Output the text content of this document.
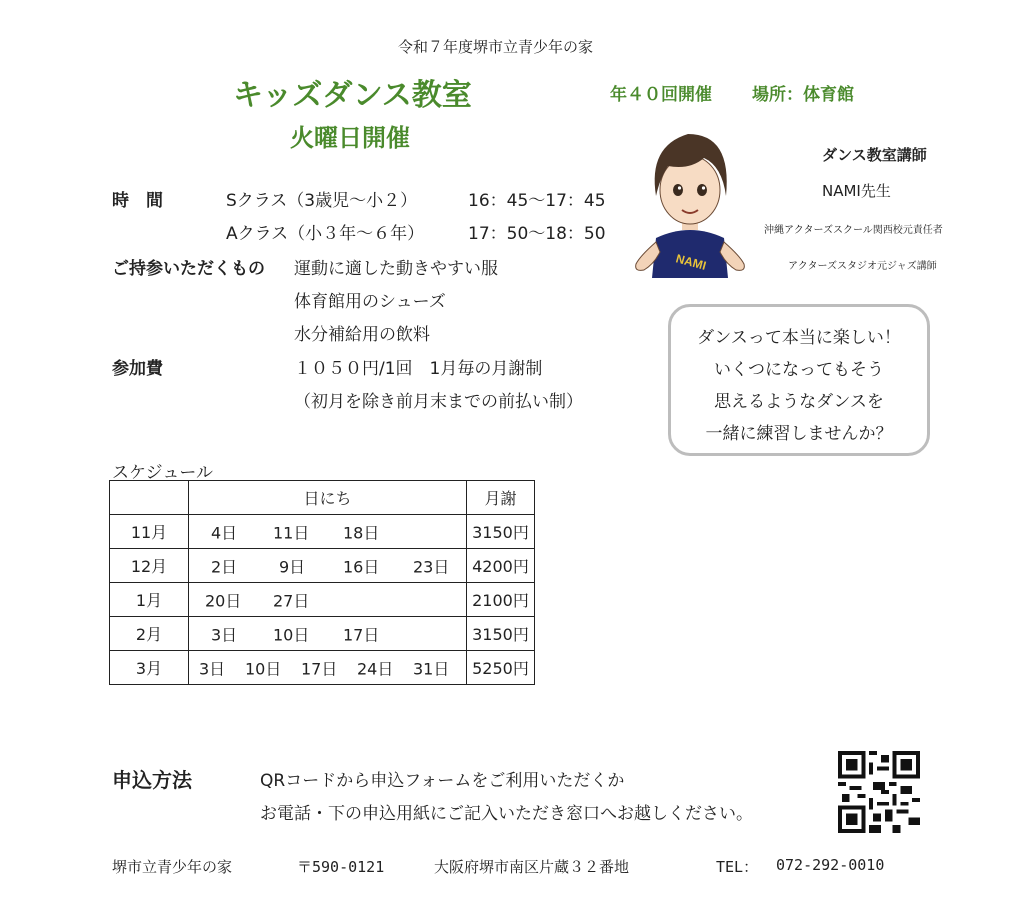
令和７年度堺市立青少年の家
キッズダンス教室
火曜日開催
年４０回開催 場所：体育館
NAMI
ダンス教室講師
NAMI先生
沖縄アクターズスクール関西校元責任者
アクターズスタジオ元ジャズ講師
ダンスって本当に楽しい！
いくつになってもそう
思えるようなダンスを
一緒に練習しませんか？
時　間	Sクラス（3歳児～小２）	16：45～17：45
Aクラス（小３年～６年）	17：50～18：50
ご持参いただくもの 運動に適した動きやすい服
体育館用のシューズ
水分補給用の飲料
参加費	１０５０円/1回　1月毎の月謝制
（初月を除き前月末までの前払い制）
スケジュール
	日にち	月謝
11月	4日 11日 18日	3150円
12月	2日 9日 16日 23日	4200円
1月	20日 27日	2100円
2月	3日 10日 17日	3150円
3月	3日 10日 17日 24日 31日	5250円
申込方法	QRコードから申込フォームをご利用いただくか
お電話・下の申込用紙にご記入いただき窓口へお越しください。
堺市立青少年の家	〒590-0121	大阪府堺市南区片蔵３２番地	TEL： 072-292-0010
